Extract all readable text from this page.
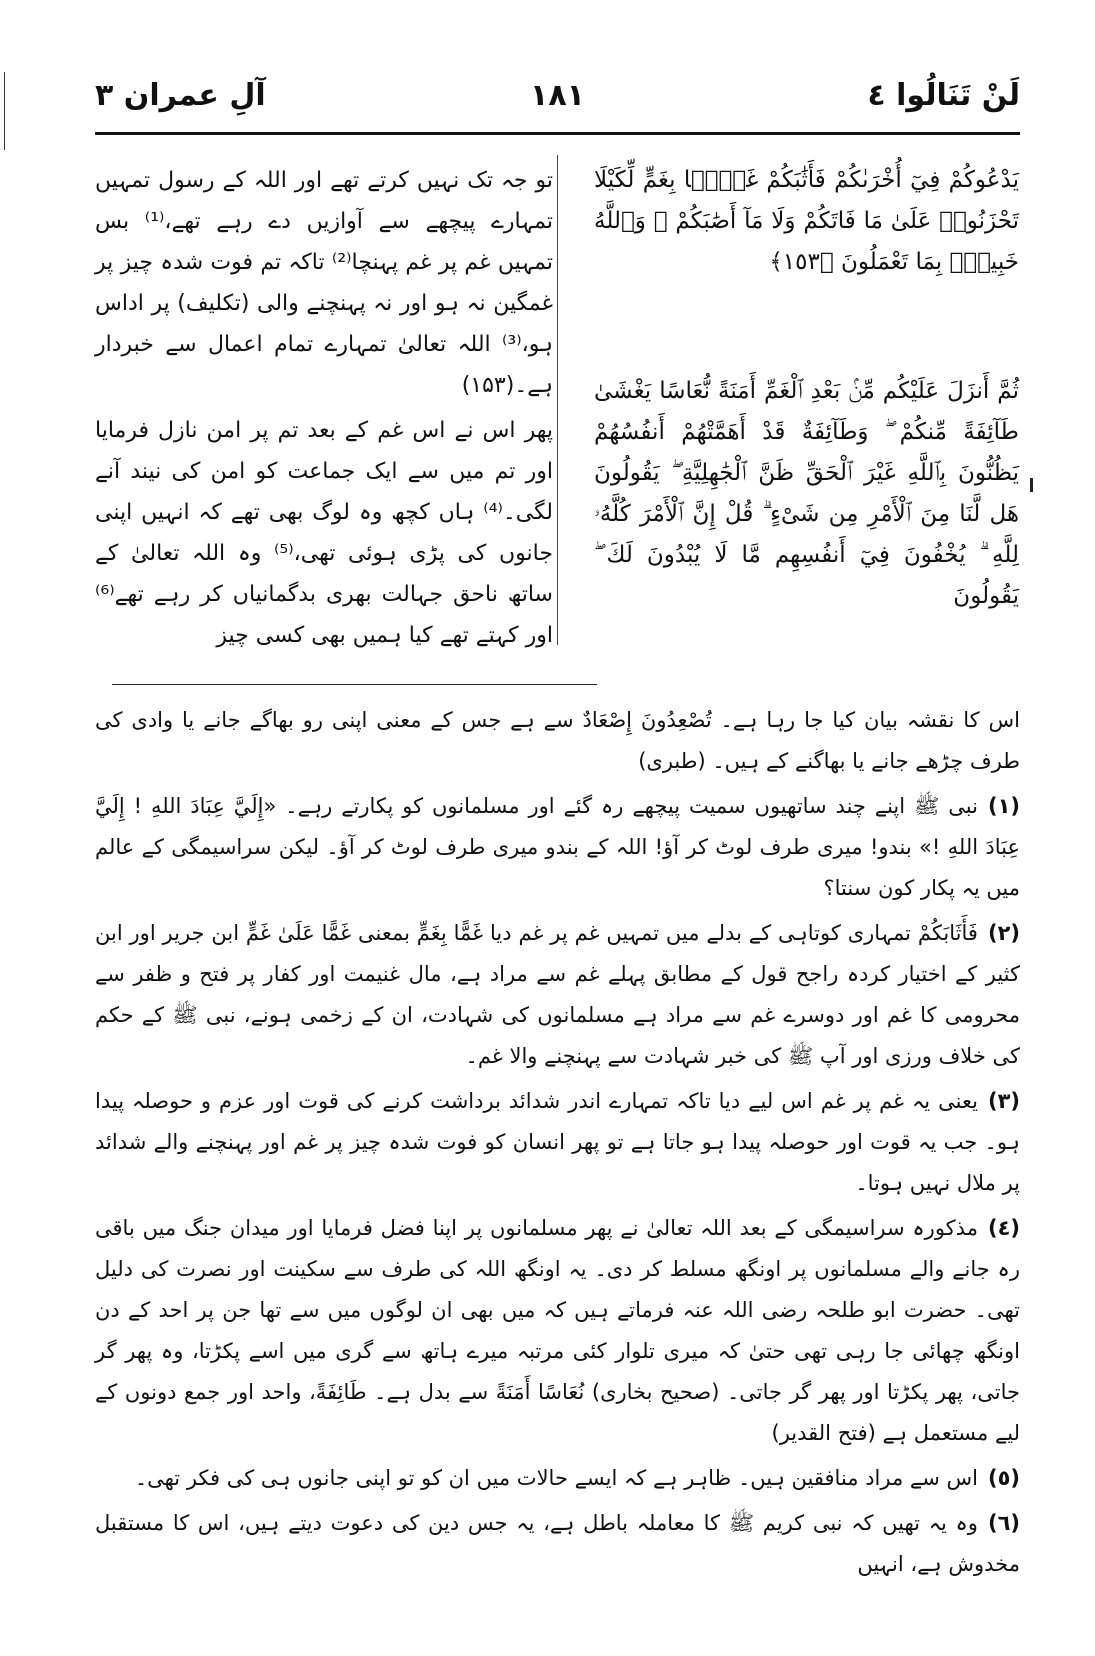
لَنْ تَنَالُوا ٤
١٨١
آلِ عمران ٣

يَدْعُوكُمْ فِيٓ أُخْرَىٰكُمْ فَأَثَٰبَكُمْ غَمًّۢا بِغَمٍّ لِّكَيْلَا تَحْزَنُوا۟ عَلَىٰ مَا فَاتَكُمْ وَلَا مَآ أَصَٰبَكُمْ ۗ وَٱللَّهُ خَبِيرٌۢ بِمَا تَعْمَلُونَ ﴿١٥٣﴾

ثُمَّ أَنزَلَ عَلَيْكُم مِّنۢ بَعْدِ ٱلْغَمِّ أَمَنَةً نُّعَاسًا يَغْشَىٰ طَآئِفَةً مِّنكُمْ ۖ وَطَآئِفَةٌ قَدْ أَهَمَّتْهُمْ أَنفُسُهُمْ يَظُنُّونَ بِٱللَّهِ غَيْرَ ٱلْحَقِّ ظَنَّ ٱلْجَٰهِلِيَّةِ ۖ يَقُولُونَ هَل لَّنَا مِنَ ٱلْأَمْرِ مِن شَىْءٍ ۗ قُلْ إِنَّ ٱلْأَمْرَ كُلَّهُۥ لِلَّهِ ۗ يُخْفُونَ فِيٓ أَنفُسِهِم مَّا لَا يُبْدُونَ لَكَ ۖ يَقُولُونَ

تو جہ تک نہیں کرتے تھے اور اللہ کے رسول تمہیں تمہارے پیچھے سے آوازیں دے رہے تھے،⁽¹⁾ بس تمہیں غم پر غم پہنچا⁽²⁾ تاکہ تم فوت شدہ چیز پر غمگین نہ ہو اور نہ پہنچنے والی (تکلیف) پر اداس ہو،⁽³⁾ اللہ تعالیٰ تمہارے تمام اعمال سے خبردار ہے۔(۱۵۳)

پھر اس نے اس غم کے بعد تم پر امن نازل فرمایا اور تم میں سے ایک جماعت کو امن کی نیند آنے لگی۔⁽⁴⁾ ہاں کچھ وہ لوگ بھی تھے کہ انہیں اپنی جانوں کی پڑی ہوئی تھی،⁽⁵⁾ وہ اللہ تعالیٰ کے ساتھ ناحق جہالت بھری بدگمانیاں کر رہے تھے⁽⁶⁾ اور کہتے تھے کیا ہمیں بھی کسی چیز

اس کا نقشہ بیان کیا جا رہا ہے۔ تُصْعِدُونَ إِصْعَادٌ سے ہے جس کے معنی اپنی رو بھاگے جانے یا وادی کی طرف چڑھے جانے یا بھاگنے کے ہیں۔ (طبری)

(١)نبی ﷺ اپنے چند ساتھیوں سمیت پیچھے رہ گئے اور مسلمانوں کو پکارتے رہے۔ «إِلَيَّ عِبَادَ اللهِ ! إِلَيَّ عِبَادَ اللهِ !» بندو! میری طرف لوٹ کر آؤ! اللہ کے بندو میری طرف لوٹ کر آؤ۔ لیکن سراسیمگی کے عالم میں یہ پکار کون سنتا؟

(٢)فَأَثَابَكُمْ تمہاری کوتاہی کے بدلے میں تمہیں غم پر غم دیا غَمًّا بِغَمٍّ بمعنی غَمًّا عَلَىٰ غَمٍّ ابن جریر اور ابن کثیر کے اختیار کردہ راجح قول کے مطابق پہلے غم سے مراد ہے، مال غنیمت اور کفار پر فتح و ظفر سے محرومی کا غم اور دوسرے غم سے مراد ہے مسلمانوں کی شہادت، ان کے زخمی ہونے، نبی ﷺ کے حکم کی خلاف ورزی اور آپ ﷺ کی خبر شہادت سے پہنچنے والا غم۔

(٣)یعنی یہ غم پر غم اس لیے دیا تاکہ تمہارے اندر شدائد برداشت کرنے کی قوت اور عزم و حوصلہ پیدا ہو۔ جب یہ قوت اور حوصلہ پیدا ہو جاتا ہے تو پھر انسان کو فوت شدہ چیز پر غم اور پہنچنے والے شدائد پر ملال نہیں ہوتا۔

(٤)مذکورہ سراسیمگی کے بعد اللہ تعالیٰ نے پھر مسلمانوں پر اپنا فضل فرمایا اور میدان جنگ میں باقی رہ جانے والے مسلمانوں پر اونگھ مسلط کر دی۔ یہ اونگھ اللہ کی طرف سے سکینت اور نصرت کی دلیل تھی۔ حضرت ابو طلحہ رضی اللہ عنہ فرماتے ہیں کہ میں بھی ان لوگوں میں سے تھا جن پر احد کے دن اونگھ چھائی جا رہی تھی حتیٰ کہ میری تلوار کئی مرتبہ میرے ہاتھ سے گری میں اسے پکڑتا، وہ پھر گر جاتی، پھر پکڑتا اور پھر گر جاتی۔ (صحیح بخاری) نُعَاسًا أَمَنَةً سے بدل ہے۔ طَائِفَةً، واحد اور جمع دونوں کے لیے مستعمل ہے (فتح القدیر)

(٥)اس سے مراد منافقین ہیں۔ ظاہر ہے کہ ایسے حالات میں ان کو تو اپنی جانوں ہی کی فکر تھی۔

(٦)وہ یہ تھیں کہ نبی کریم ﷺ کا معاملہ باطل ہے، یہ جس دین کی دعوت دیتے ہیں، اس کا مستقبل مخدوش ہے، انہیں
